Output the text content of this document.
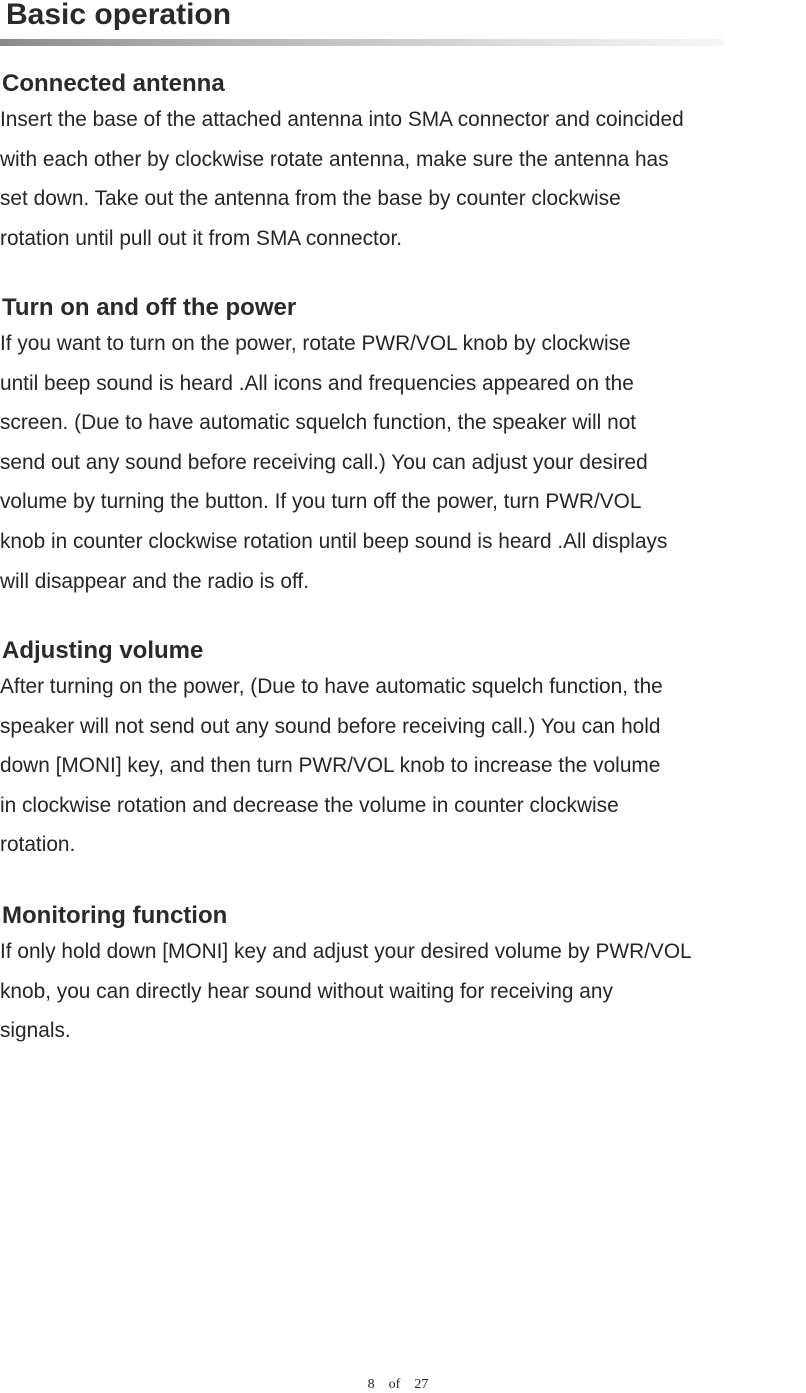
Basic operation
Connected antenna

Insert the base of the attached antenna into SMA connector and coincided
with each other by clockwise rotate antenna, make sure the antenna has
set down. Take out the antenna from the base by counter clockwise
rotation until pull out it from SMA connector.

Turn on and off the power

If you want to turn on the power, rotate PWR/VOL knob by clockwise
until beep sound is heard .All icons and frequencies appeared on the
screen. (Due to have automatic squelch function, the speaker will not
send out any sound before receiving call.) You can adjust your desired
volume by turning the button. If you turn off the power, turn PWR/VOL
knob in counter clockwise rotation until beep sound is heard .All displays
will disappear and the radio is off.

Adjusting volume

After turning on the power, (Due to have automatic squelch function, the
speaker will not send out any sound before receiving call.) You can hold
down [MONI] key, and then turn PWR/VOL knob to increase the volume
in clockwise rotation and decrease the volume in counter clockwise
rotation.

Monitoring function

If only hold down [MONI] key and adjust your desired volume by PWR/VOL
knob, you can directly hear sound without waiting for receiving any
signals.

8    of    27
